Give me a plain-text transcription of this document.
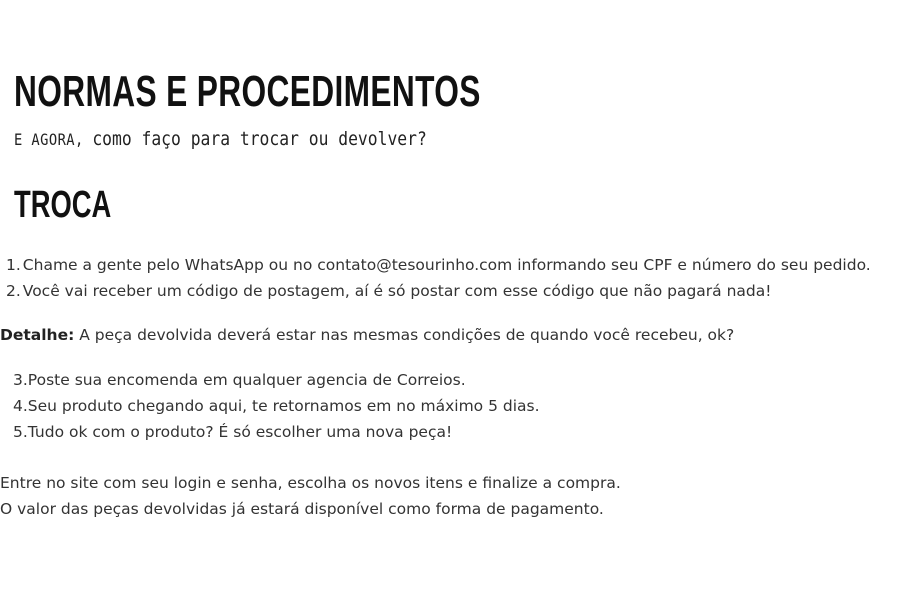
NORMAS E PROCEDIMENTOS

E AGORA, como faço para trocar ou devolver?

TROCA
1. Chame a gente pelo WhatsApp ou no contato@tesourinho.com informando seu CPF e número do seu pedido.
2. Você vai receber um código de postagem, aí é só postar com esse código que não pagará nada!

Detalhe: A peça devolvida deverá estar nas mesmas condições de quando você recebeu, ok?

3.Poste sua encomenda em qualquer agencia de Correios.
4.Seu produto chegando aqui, te retornamos em no máximo 5 dias.
5.Tudo ok com o produto? É só escolher uma nova peça!

Entre no site com seu login e senha, escolha os novos itens e finalize a compra.
O valor das peças devolvidas já estará disponível como forma de pagamento.
